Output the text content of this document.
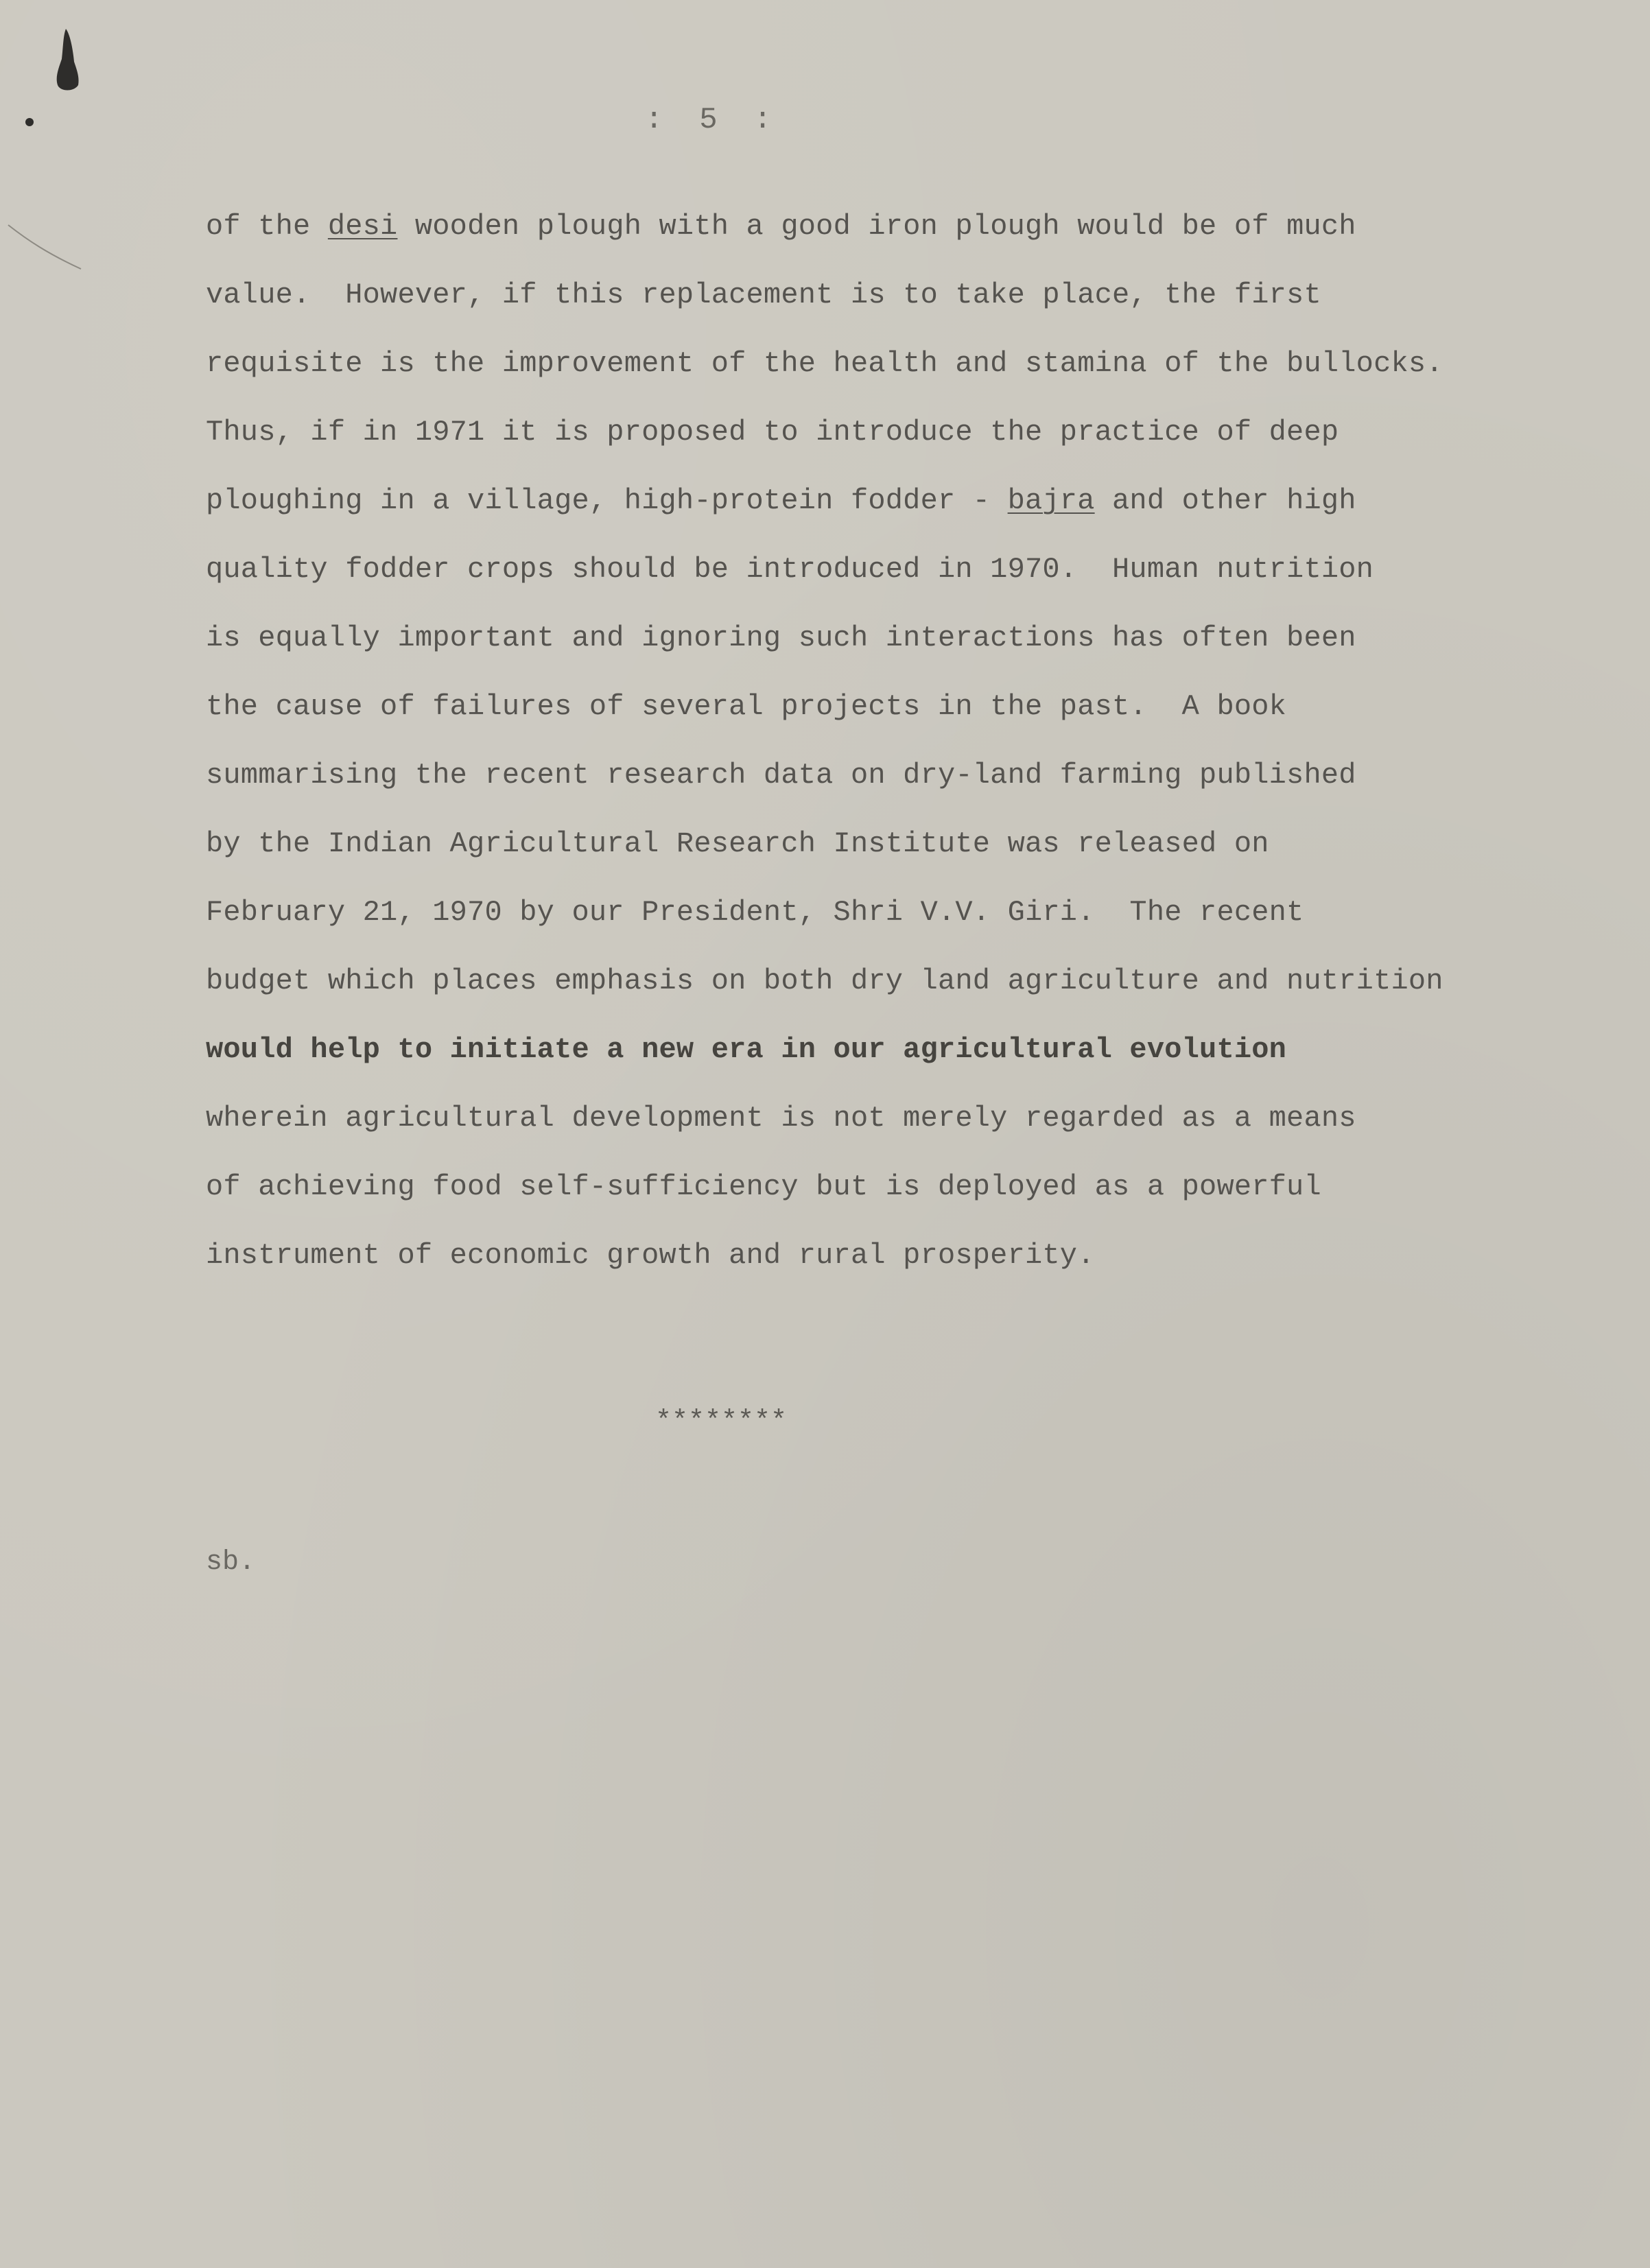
:  5  :
of the desi wooden plough with a good iron plough would be of much
value.  However, if this replacement is to take place, the first
requisite is the improvement of the health and stamina of the bullocks.
Thus, if in 1971 it is proposed to introduce the practice of deep
ploughing in a village, high-protein fodder - bajra and other high
quality fodder crops should be introduced in 1970.  Human nutrition
is equally important and ignoring such interactions has often been
the cause of failures of several projects in the past.  A book
summarising the recent research data on dry-land farming published
by the Indian Agricultural Research Institute was released on
February 21, 1970 by our President, Shri V.V. Giri.  The recent
budget which places emphasis on both dry land agriculture and nutrition
would help to initiate a new era in our agricultural evolution
wherein agricultural development is not merely regarded as a means
of achieving food self-sufficiency but is deployed as a powerful
instrument of economic growth and rural prosperity.
********
sb.
